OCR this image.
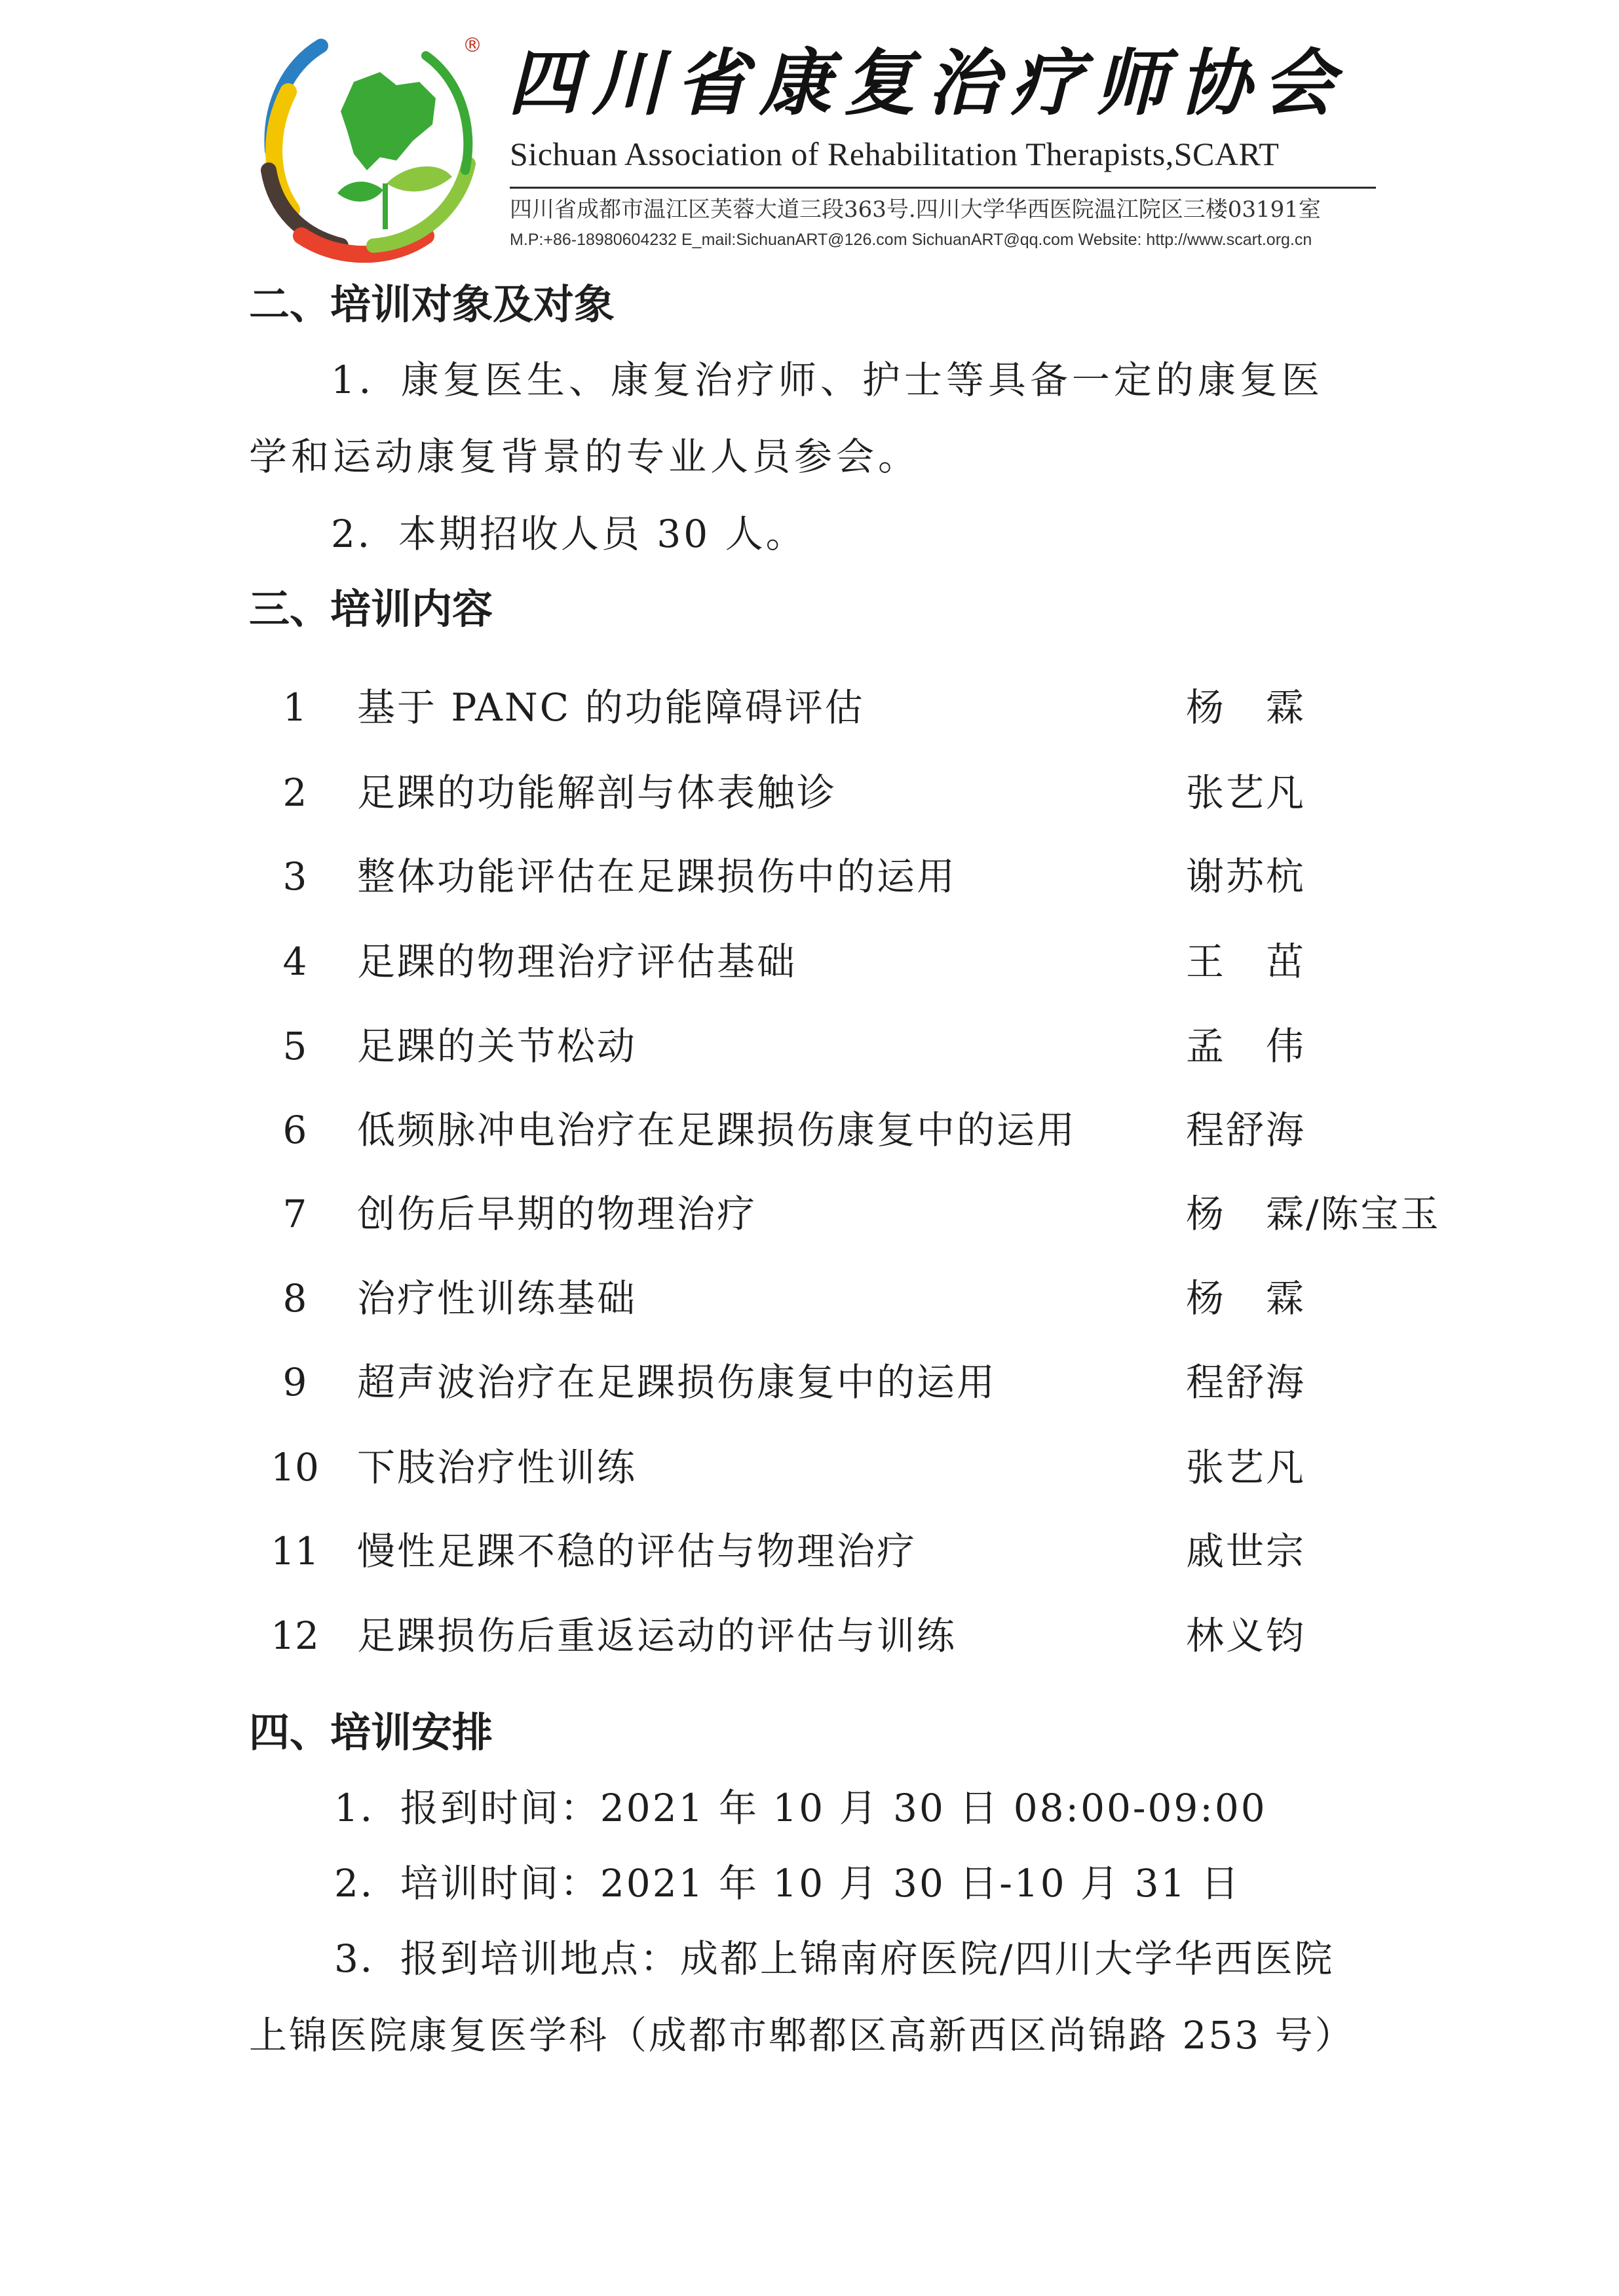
® 四川省康复治疗师协会
Sichuan Association of Rehabilitation Therapists,SCART
四川省成都市温江区芙蓉大道三段363号.四川大学华西医院温江院区三楼03191室
M.P:+86-18980604232 E_mail:SichuanART@126.com SichuanART@qq.com Website: http://www.scart.org.cn
二、培训对象及对象
1．康复医生、康复治疗师、护士等具备一定的康复医
学和运动康复背景的专业人员参会。
2．本期招收人员 30 人。
三、培训内容
1	基于 PANC 的功能障碍评估	杨　霖
2	足踝的功能解剖与体表触诊	张艺凡
3	整体功能评估在足踝损伤中的运用	谢苏杭
4	足踝的物理治疗评估基础	王　茁
5	足踝的关节松动	孟　伟
6	低频脉冲电治疗在足踝损伤康复中的运用	程舒海
7	创伤后早期的物理治疗	杨　霖/陈宝玉
8	治疗性训练基础	杨　霖
9	超声波治疗在足踝损伤康复中的运用	程舒海
10 下肢治疗性训练	张艺凡
11 慢性足踝不稳的评估与物理治疗	戚世宗
12 足踝损伤后重返运动的评估与训练	林义钧
四、培训安排
1．报到时间：2021 年 10 月 30 日 08:00-09:00
2．培训时间：2021 年 10 月 30 日-10 月 31 日
3．报到培训地点：成都上锦南府医院/四川大学华西医院
上锦医院康复医学科（成都市郫都区高新西区尚锦路 253 号）
